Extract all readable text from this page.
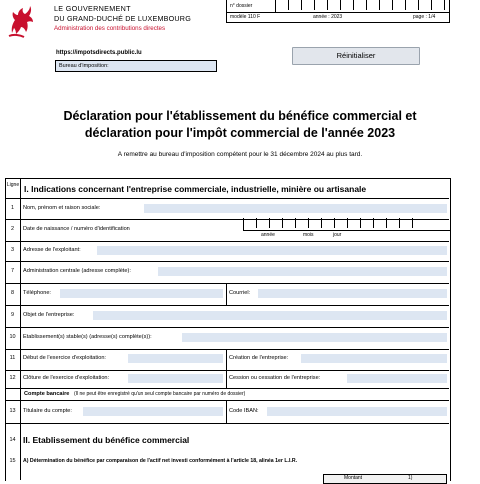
LE GOUVERNEMENT
DU GRAND-DUCHÉ DE LUXEMBOURG
Administration des contributions directes
n° dossier
modèle 110 F	année : 2023	page : 1/4
https://impotsdirects.public.lu
Bureau d'imposition:
Réinitialiser
Déclaration pour l'établissement du bénéfice commercial et
déclaration pour l'impôt commercial de l'année 2023
A remettre au bureau d'imposition compétent pour le 31 décembre 2024 au plus tard.
Ligne I. Indications concernant l'entreprise commerciale, industrielle, minière ou artisanale
1	Nom, prénom et raison sociale:
2	Date de naissance / numéro d'identification
année	mois	jour
3	Adresse de l'exploitant:
7	Administration centrale (adresse complète):
8	Téléphone:	Courriel:
9	Objet de l'entreprise:
10	Etablissement(s) stable(s) (adresse(s) complète(s)):
11	Début de l'exercice d'exploitation:	Création de l'entreprise:
12	Clôture de l'exercice d'exploitation:	Cession ou cessation de l'entreprise:
Compte bancaire (Il ne peut être enregistré qu'un seul compte bancaire par numéro de dossier)
13	Titulaire du compte:	Code IBAN:
14 II. Etablissement du bénéfice commercial
15	A) Détermination du bénéfice par comparaison de l'actif net investi conformément à l'article 18, alinéa 1er L.I.R.
Montant	1)
